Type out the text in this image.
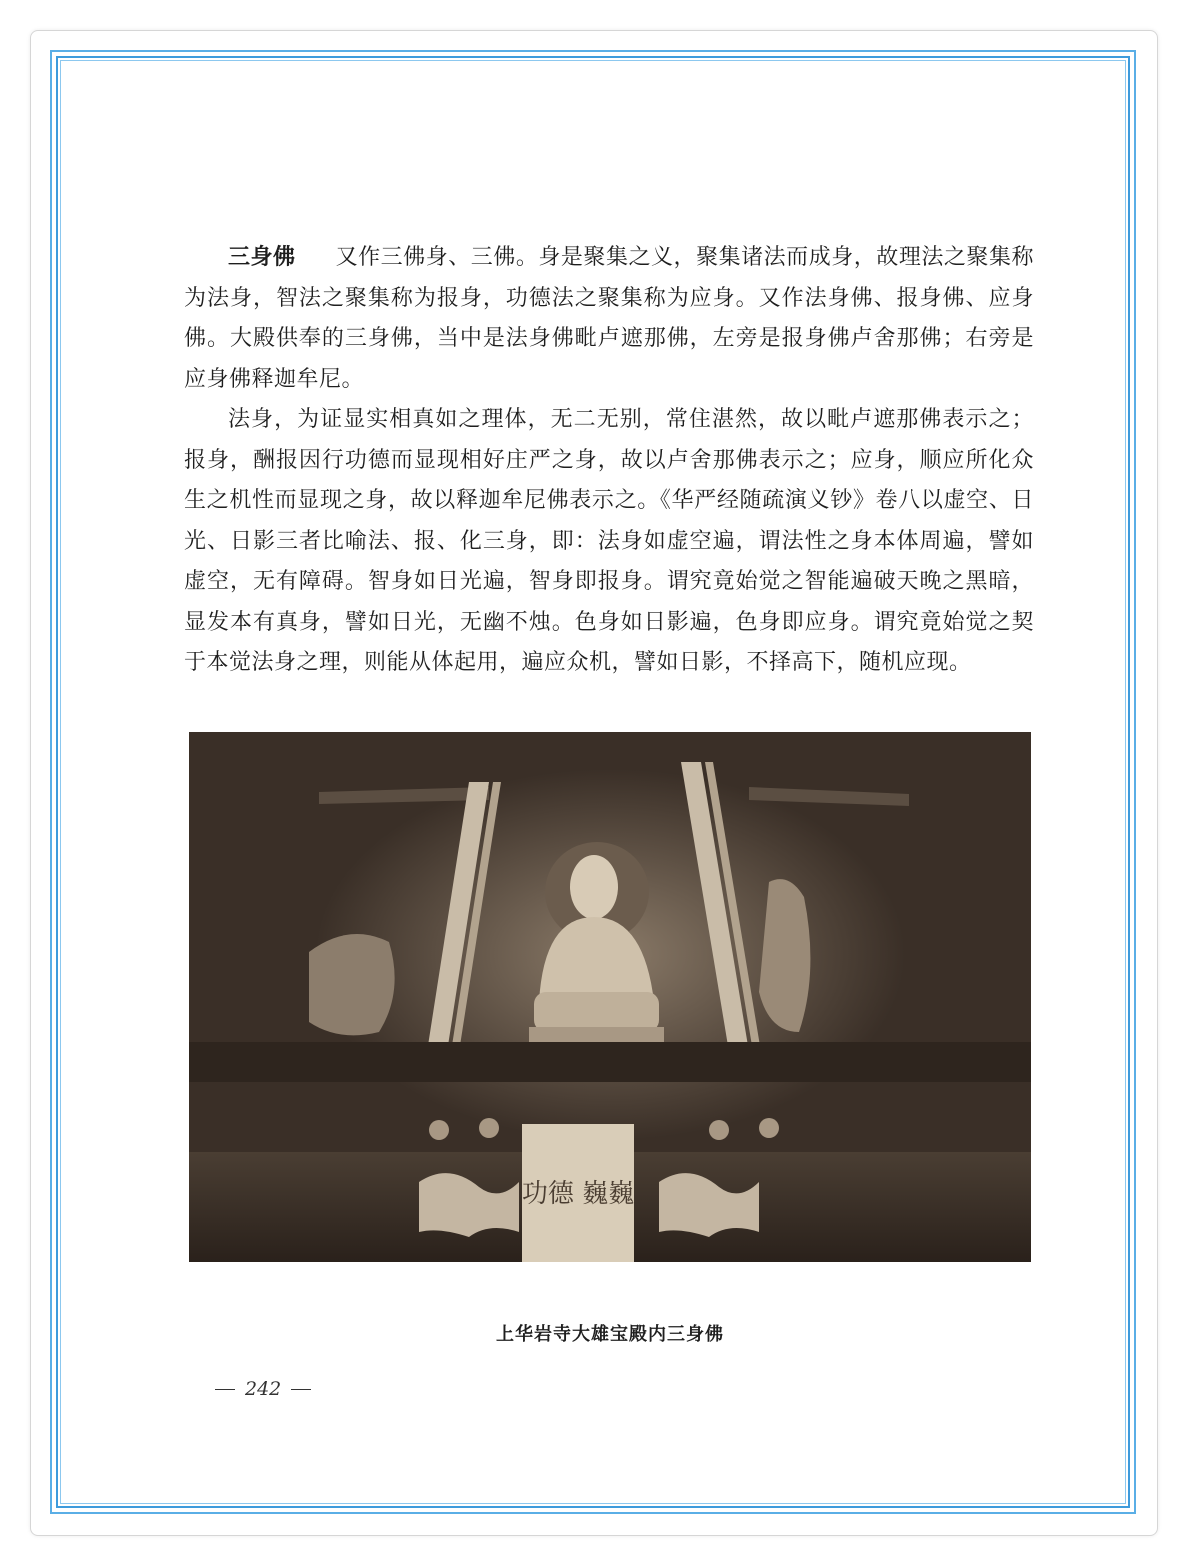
三身佛 又作三佛身、三佛。身是聚集之义，聚集诸法而成身，故理法之聚集称为法身，智法之聚集称为报身，功德法之聚集称为应身。又作法身佛、报身佛、应身佛。大殿供奉的三身佛，当中是法身佛毗卢遮那佛，左旁是报身佛卢舍那佛；右旁是应身佛释迦牟尼。

法身，为证显实相真如之理体，无二无别，常住湛然，故以毗卢遮那佛表示之；报身，酬报因行功德而显现相好庄严之身，故以卢舍那佛表示之；应身，顺应所化众生之机性而显现之身，故以释迦牟尼佛表示之。《华严经随疏演义钞》卷八以虚空、日光、日影三者比喻法、报、化三身，即：法身如虚空遍，谓法性之身本体周遍，譬如虚空，无有障碍。智身如日光遍，智身即报身。谓究竟始觉之智能遍破天晚之黑暗，显发本有真身，譬如日光，无幽不烛。色身如日影遍，色身即应身。谓究竟始觉之契于本觉法身之理，则能从体起用，遍应众机，譬如日影，不择高下，随机应现。

功德 巍巍
上华岩寺大雄宝殿内三身佛
242
